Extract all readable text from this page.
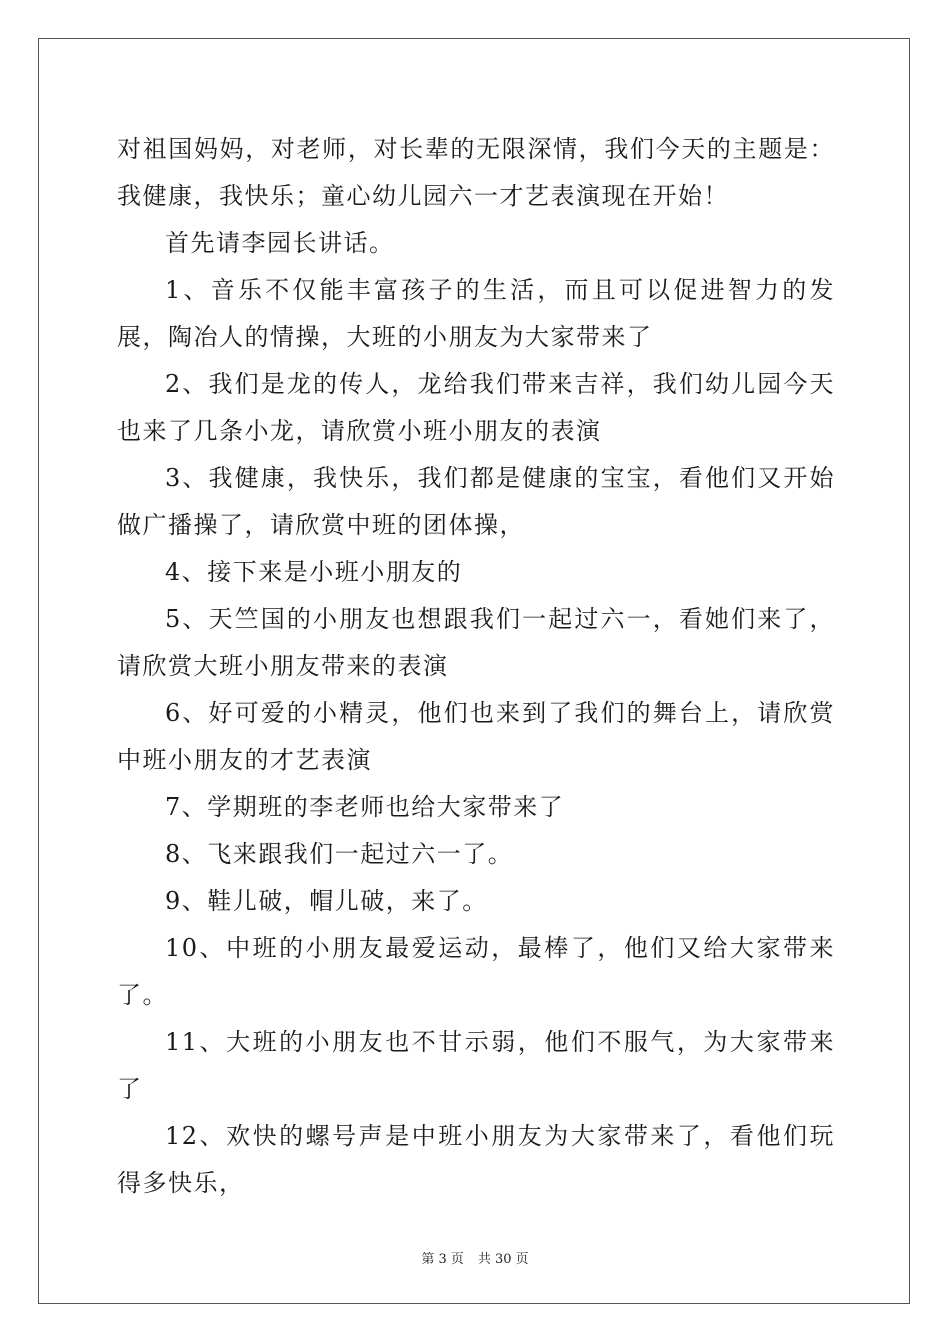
对祖国妈妈，对老师，对长辈的无限深情，我们今天的主题是：我健康，我快乐；童心幼儿园六一才艺表演现在开始！

首先请李园长讲话。

1、音乐不仅能丰富孩子的生活，而且可以促进智力的发展，陶冶人的情操，大班的小朋友为大家带来了

2、我们是龙的传人，龙给我们带来吉祥，我们幼儿园今天也来了几条小龙，请欣赏小班小朋友的表演

3、我健康，我快乐，我们都是健康的宝宝，看他们又开始做广播操了，请欣赏中班的团体操，

4、接下来是小班小朋友的

5、天竺国的小朋友也想跟我们一起过六一，看她们来了，请欣赏大班小朋友带来的表演

6、好可爱的小精灵，他们也来到了我们的舞台上，请欣赏中班小朋友的才艺表演

7、学期班的李老师也给大家带来了

8、飞来跟我们一起过六一了。

9、鞋儿破，帽儿破，来了。

10、中班的小朋友最爱运动，最棒了，他们又给大家带来了。

11、大班的小朋友也不甘示弱，他们不服气，为大家带来了

12、欢快的螺号声是中班小朋友为大家带来了，看他们玩得多快乐，

第 3 页 共 30 页
